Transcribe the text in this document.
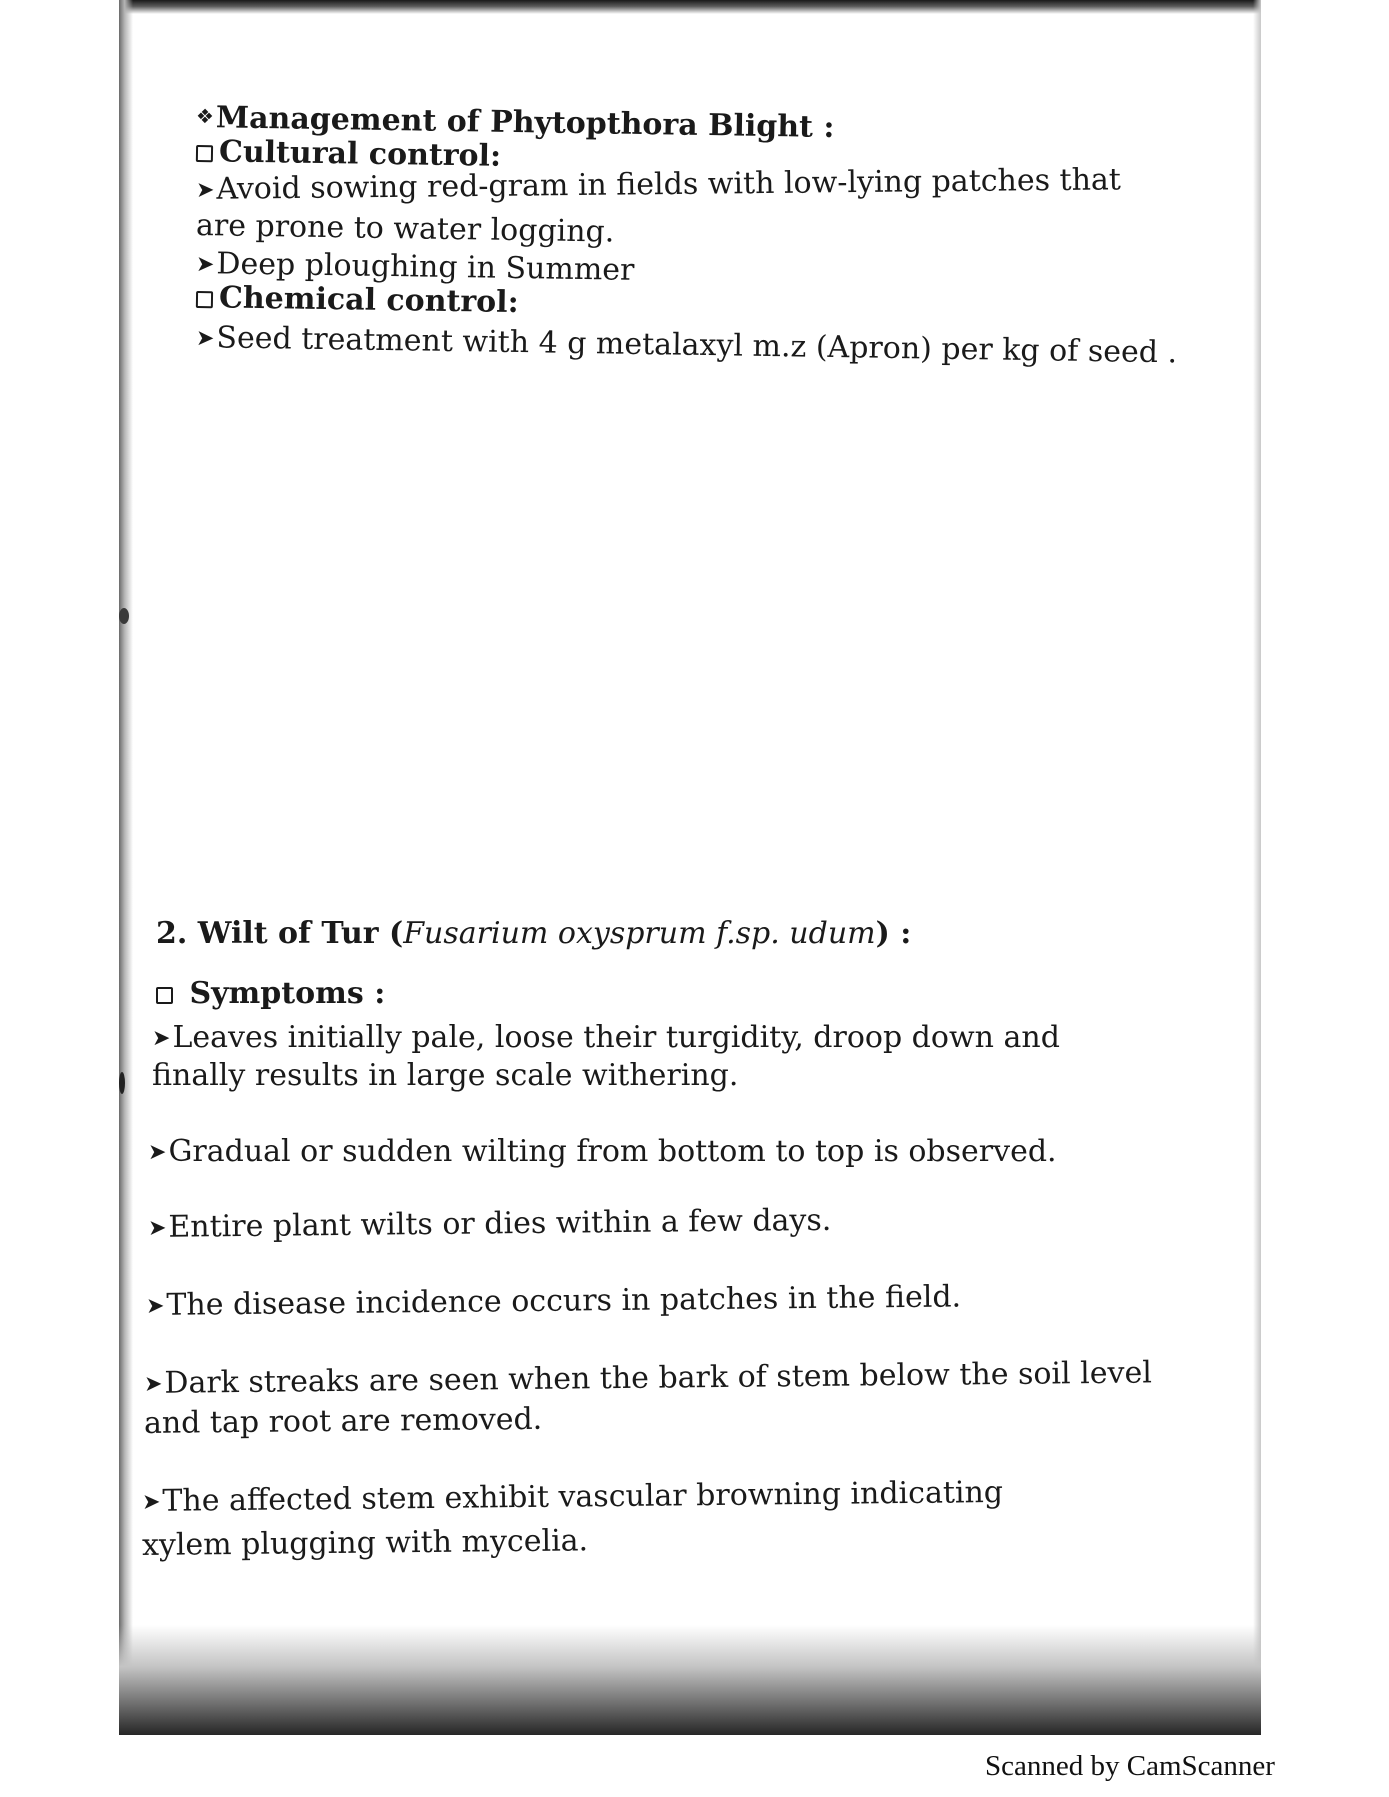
❖Management of Phytopthora Blight :
Cultural control:
➤Avoid sowing red-gram in fields with low-lying patches that
are prone to water logging.
➤Deep ploughing in Summer
Chemical control:
➤Seed treatment with 4 g metalaxyl m.z (Apron) per kg of seed .
2. Wilt of Tur (Fusarium oxysprum f.sp. udum) :
Symptoms :
➤Leaves initially pale, loose their turgidity, droop down and
finally results in large scale withering.
➤Gradual or sudden wilting from bottom to top is observed.
➤Entire plant wilts or dies within a few days.
➤The disease incidence occurs in patches in the field.
➤Dark streaks are seen when the bark of stem below the soil level
and tap root are removed.
➤The affected stem exhibit vascular browning indicating
xylem plugging with mycelia.
Scanned by CamScanner
